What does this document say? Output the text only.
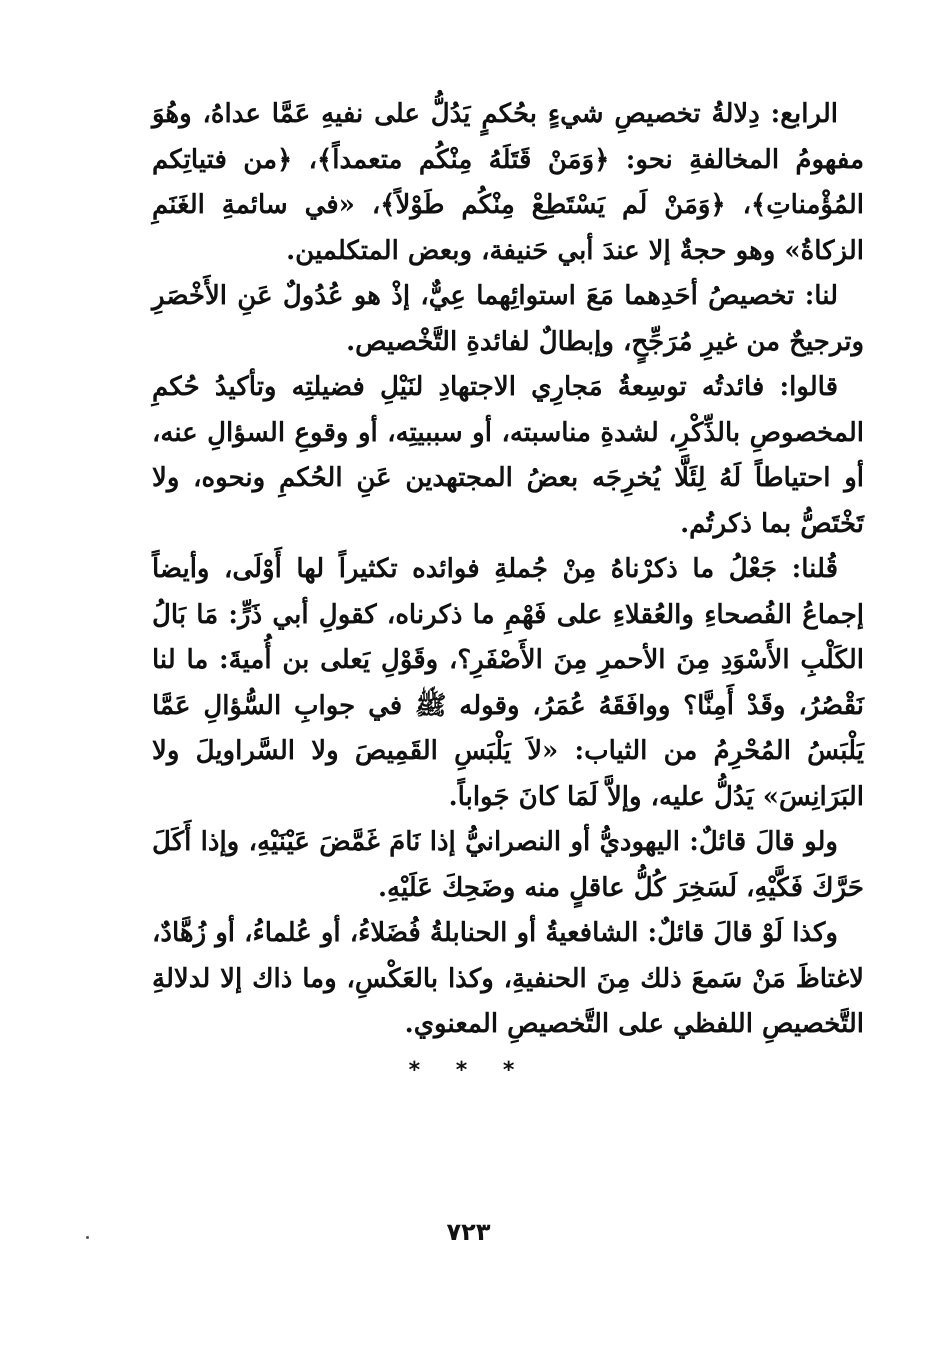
الرابع: دِلالةُ تخصيصِ شيءٍ بحُكمٍ يَدُلُّ على نفيهِ عَمَّا عداهُ، وهُوَ مفهومُ المخالفةِ نحو: ﴿وَمَنْ قَتَلَهُ مِنْكُم متعمداً﴾، ﴿من فتياتِكم المُؤْمناتِ﴾، ﴿وَمَنْ لَم يَسْتَطِعْ مِنْكُم طَوْلاً﴾، «في سائمةِ الغَنَمِ الزكاةُ» وهو حجةٌ إلا عندَ أبي حَنيفة، وبعض المتكلمين.

لنا: تخصيصُ أحَدِهما مَعَ استوائِهما عِيٌّ، إذْ هو عُدُولٌ عَنِ الأَخْصَرِ وترجيحٌ من غيرِ مُرَجِّحٍ، وإبطالٌ لفائدةِ التَّخْصيص.

قالوا: فائدتُه توسِعةُ مَجارِي الاجتهادِ لنَيْلِ فضيلتِه وتأكيدُ حُكمِ المخصوصِ بالذِّكْرِ، لشدةِ مناسبته، أو سببيتِه، أو وقوعِ السؤالِ عنه، أو احتياطاً لَهُ لِئَلَّا يُخرِجَه بعضُ المجتهدين عَنِ الحُكمِ ونحوه، ولا تَخْتَصُّ بما ذكرتُم.

قُلنا: جَعْلُ ما ذكرْناهُ مِنْ جُملةِ فوائده تكثيراً لها أَوْلَى، وأيضاً إجماعُ الفُصحاءِ والعُقلاءِ على فَهْمِ ما ذكرناه، كقولِ أبي ذَرٍّ: مَا بَالُ الكَلْبِ الأَسْوَدِ مِنَ الأحمرِ مِنَ الأَصْفَرِ؟، وقَوْلِ يَعلى بن أُميةَ: ما لنا نَقْصُرُ، وقَدْ أَمِنَّا؟ ووافَقَهُ عُمَرُ، وقوله ﷺ في جوابِ السُّؤالِ عَمَّا يَلْبَسُ المُحْرِمُ من الثياب: «لاَ يَلْبَسِ القَمِيصَ ولا السَّراويلَ ولا البَرَانِسَ» يَدُلُّ عليه، وإلاَّ لَمَا كانَ جَواباً.

ولو قالَ قائلٌ: اليهوديُّ أو النصرانيُّ إذا نَامَ غَمَّضَ عَيْنَيْهِ، وإذا أَكَلَ حَرَّكَ فَكَّيْهِ، لَسَخِرَ كُلُّ عاقلٍ منه وضَحِكَ عَلَيْهِ.

وكذا لَوْ قالَ قائلٌ: الشافعيةُ أو الحنابلةُ فُضَلاءُ، أو عُلماءُ، أو زُهَّادٌ، لاغتاظَ مَنْ سَمعَ ذلك مِنَ الحنفيةِ، وكذا بالعَكْسِ، وما ذاك إلا لدلالةِ التَّخصيصِ اللفظي على التَّخصيصِ المعنوي.

* * *
٧٢٣
